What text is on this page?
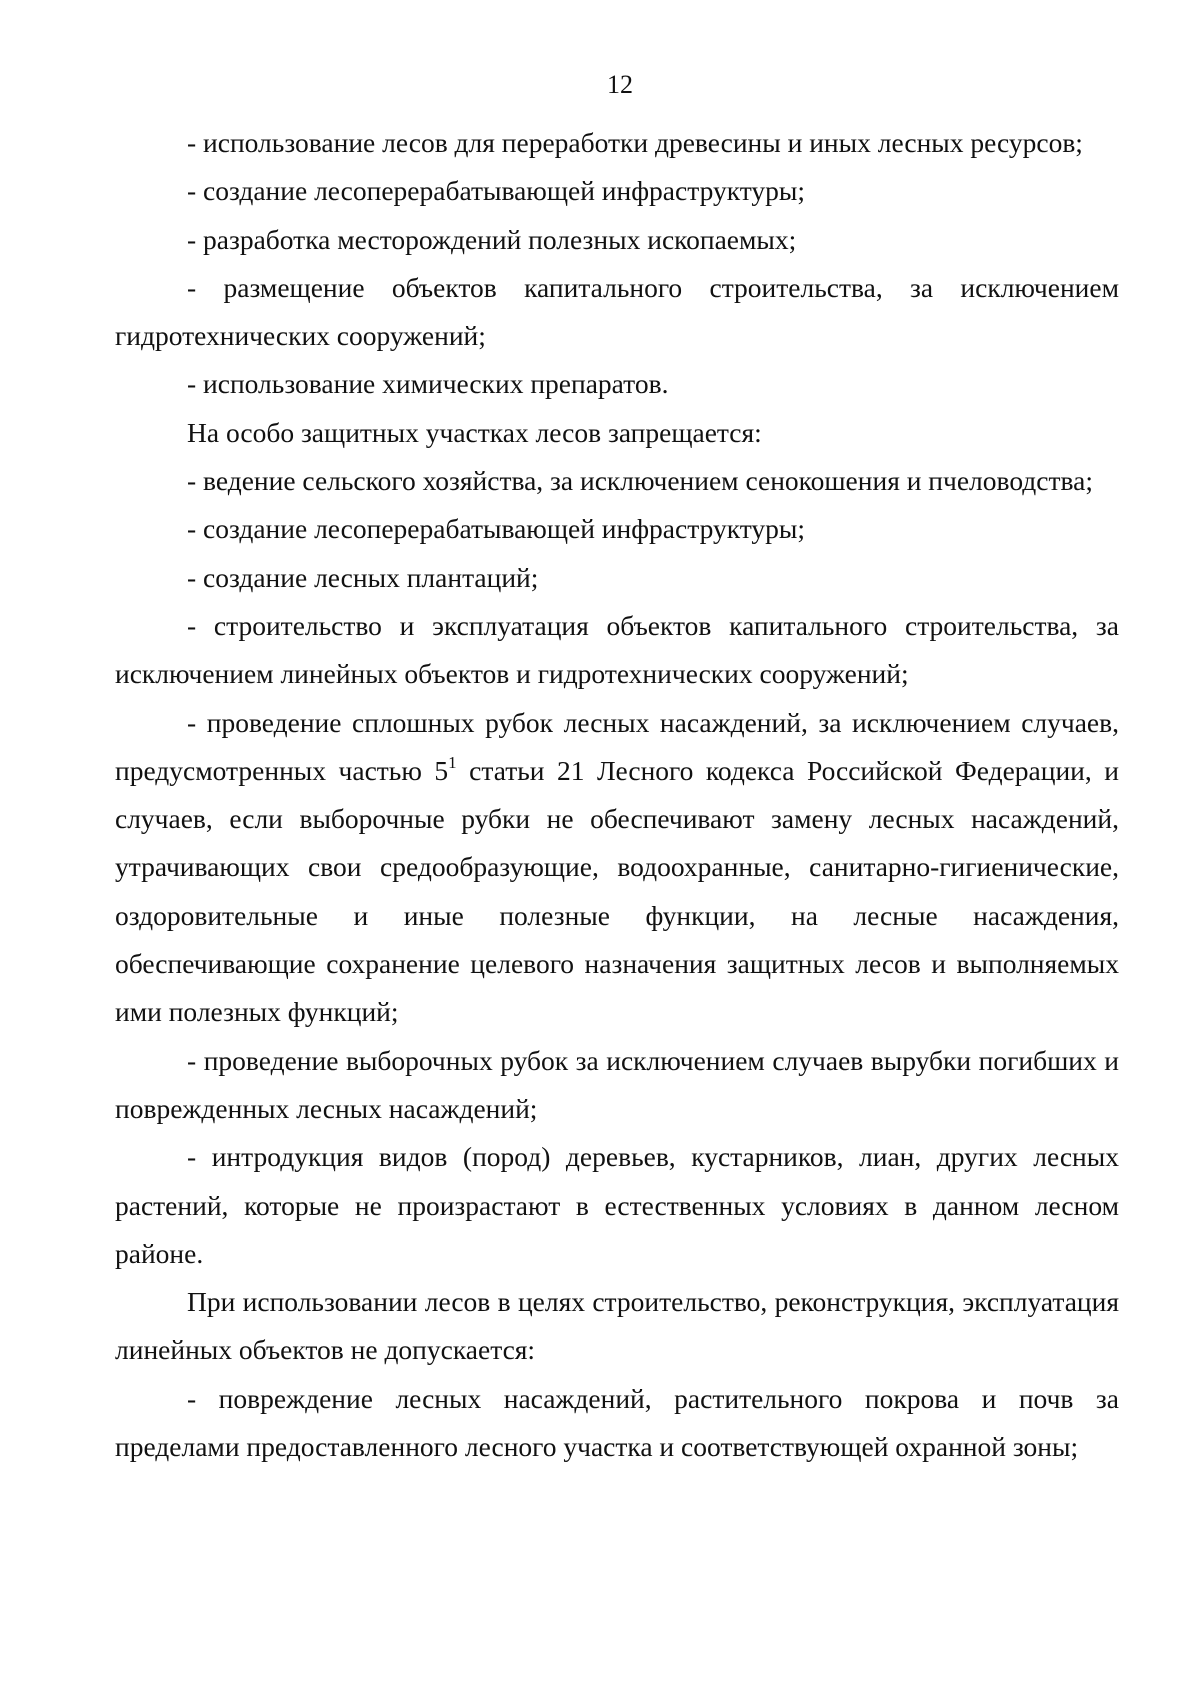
12

- использование лесов для переработки древесины и иных лесных ресурсов;

- создание лесоперерабатывающей инфраструктуры;

- разработка месторождений полезных ископаемых;

- размещение объектов капитального строительства, за исключением гидротехнических сооружений;

- использование химических препаратов.

На особо защитных участках лесов запрещается:

- ведение сельского хозяйства, за исключением сенокошения и пчеловодства;

- создание лесоперерабатывающей инфраструктуры;

- создание лесных плантаций;

- строительство и эксплуатация объектов капитального строительства, за исключением линейных объектов и гидротехнических сооружений;

- проведение сплошных рубок лесных насаждений, за исключением случаев, предусмотренных частью $5^1$ статьи 21 Лесного кодекса Российской Федерации, и случаев, если выборочные рубки не обеспечивают замену лесных насаждений, утрачивающих свои средообразующие, водоохранные, санитарно-гигиенические, оздоровительные и иные полезные функции, на лесные насаждения, обеспечивающие сохранение целевого назначения защитных лесов и выполняемых ими полезных функций;

- проведение выборочных рубок за исключением случаев вырубки погибших и поврежденных лесных насаждений;

- интродукция видов (пород) деревьев, кустарников, лиан, других лесных растений, которые не произрастают в естественных условиях в данном лесном районе.

При использовании лесов в целях строительство, реконструкция, эксплуатация линейных объектов не допускается:

- повреждение лесных насаждений, растительного покрова и почв за пределами предоставленного лесного участка и соответствующей охранной зоны;
